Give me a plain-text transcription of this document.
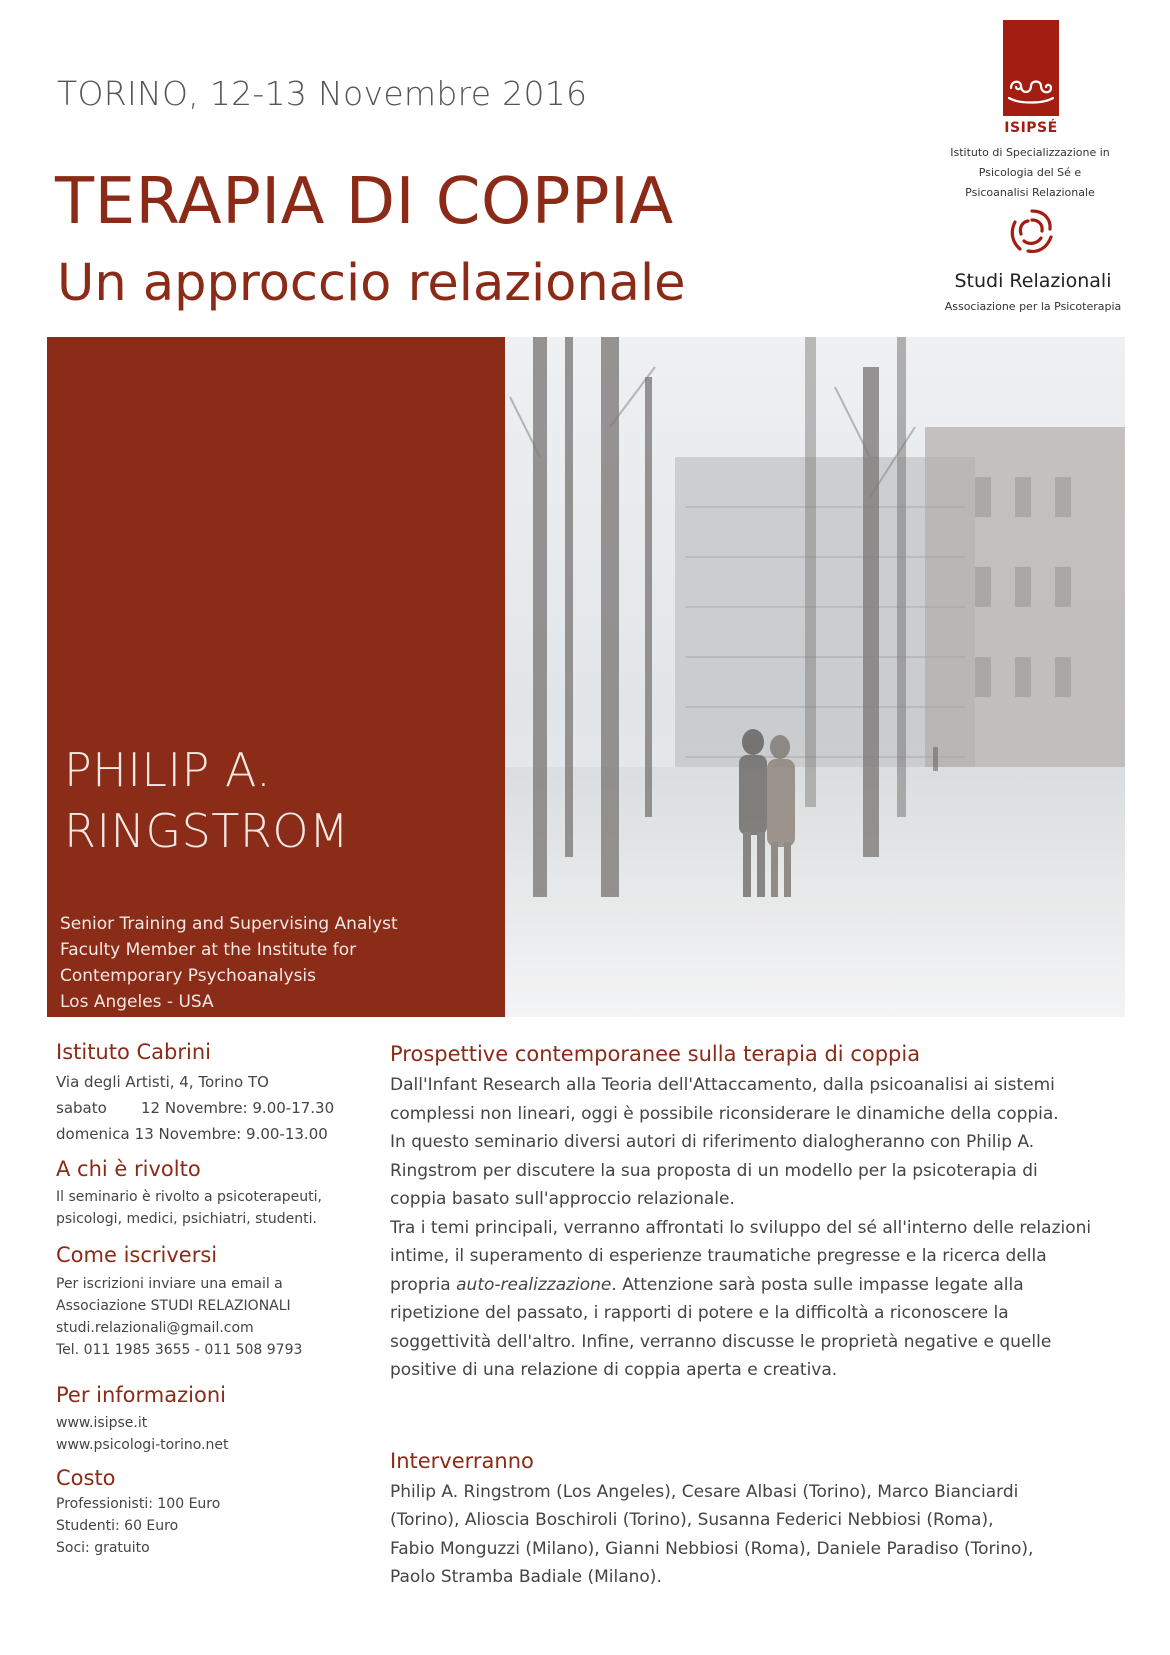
TORINO, 12-13 Novembre 2016
TERAPIA DI COPPIA
Un approccio relazionale
ISIPSÉ
Istituto di Specializzazione in
Psicologia del Sé e
Psicoanalisi Relazionale
Studi Relazionali
Associazione per la Psicoterapia
PHILIP A.
RINGSTROM
Senior Training and Supervising Analyst
Faculty Member at the Institute for
Contemporary Psychoanalysis
Los Angeles - USA
Istituto Cabrini
Via degli Artisti, 4, Torino TO
sabato	12 Novembre: 9.00-17.30
domenica 13 Novembre: 9.00-13.00
A chi è rivolto
Il seminario è rivolto a psicoterapeuti,
psicologi, medici, psichiatri, studenti.
Come iscriversi
Per iscrizioni inviare una email a
Associazione STUDI RELAZIONALI
studi.relazionali@gmail.com
Tel. 011 1985 3655 - 011 508 9793
Per informazioni
www.isipse.it
www.psicologi-torino.net
Costo
Professionisti: 100 Euro
Studenti: 60 Euro
Soci: gratuito
Prospettive contemporanee sulla terapia di coppia
Dall'Infant Research alla Teoria dell'Attaccamento, dalla psicoanalisi ai sistemi
complessi non lineari, oggi è possibile riconsiderare le dinamiche della coppia.
In questo seminario diversi autori di riferimento dialogheranno con Philip A.
Ringstrom per discutere la sua proposta di un modello per la psicoterapia di
coppia basato sull'approccio relazionale.
Tra i temi principali, verranno affrontati lo sviluppo del sé all'interno delle relazioni
intime, il superamento di esperienze traumatiche pregresse e la ricerca della
propria auto-realizzazione. Attenzione sarà posta sulle impasse legate alla
ripetizione del passato, i rapporti di potere e la difficoltà a riconoscere la
soggettività dell'altro. Infine, verranno discusse le proprietà negative e quelle
positive di una relazione di coppia aperta e creativa.
Interverranno
Philip A. Ringstrom (Los Angeles), Cesare Albasi (Torino), Marco Bianciardi
(Torino), Alioscia Boschiroli (Torino), Susanna Federici Nebbiosi (Roma),
Fabio Monguzzi (Milano), Gianni Nebbiosi (Roma), Daniele Paradiso (Torino),
Paolo Stramba Badiale (Milano).
